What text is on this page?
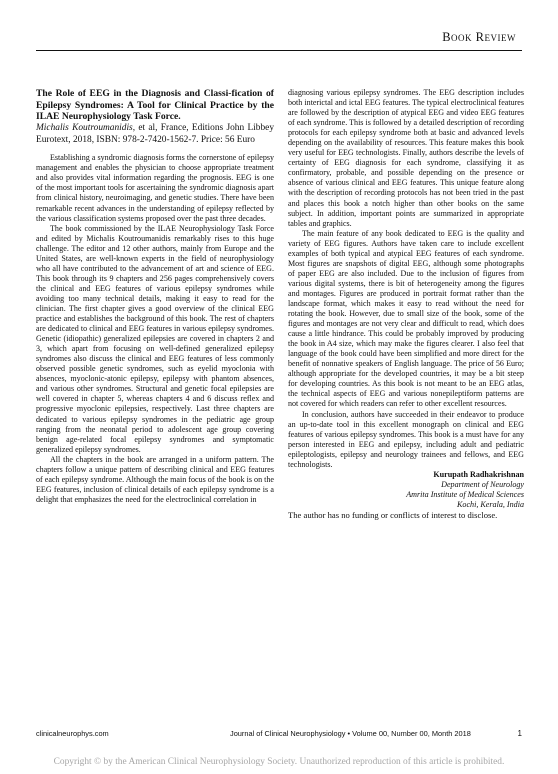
Book Review

The Role of EEG in the Diagnosis and Classi-fication of Epilepsy Syndromes: A Tool for Clinical Practice by the ILAE Neurophysiology Task Force.

Michalis Koutroumanidis, et al, France, Editions John Libbey Eurotext, 2018, ISBN: 978-2-7420-1562-7. Price: 56 Euro

Establishing a syndromic diagnosis forms the cornerstone of epilepsy management and enables the physician to choose appropriate treatment and also provides vital information regarding the prognosis. EEG is one of the most important tools for ascertaining the syndromic diagnosis apart from clinical history, neuroimaging, and genetic studies. There have been remarkable recent advances in the understanding of epilepsy reflected by the various classification systems proposed over the past three decades.

The book commissioned by the ILAE Neurophysiology Task Force and edited by Michalis Koutroumanidis remarkably rises to this huge challenge. The editor and 12 other authors, mainly from Europe and the United States, are well-known experts in the field of neurophysiology who all have contributed to the advancement of art and science of EEG. This book through its 9 chapters and 256 pages comprehensively covers the clinical and EEG features of various epilepsy syndromes while avoiding too many technical details, making it easy to read for the clinician. The first chapter gives a good overview of the clinical EEG practice and establishes the background of this book. The rest of chapters are dedicated to clinical and EEG features in various epilepsy syndromes. Genetic (idiopathic) generalized epilepsies are covered in chapters 2 and 3, which apart from focusing on well-defined generalized epilepsy syndromes also discuss the clinical and EEG features of less commonly observed possible genetic syndromes, such as eyelid myoclonia with absences, myoclonic-atonic epilepsy, epilepsy with phantom absences, and various other syndromes. Structural and genetic focal epilepsies are well covered in chapter 5, whereas chapters 4 and 6 discuss reflex and progressive myoclonic epilepsies, respectively. Last three chapters are dedicated to various epilepsy syndromes in the pediatric age group ranging from the neonatal period to adolescent age group covering benign age-related focal epilepsy syndromes and symptomatic generalized epilepsy syndromes.

All the chapters in the book are arranged in a uniform pattern. The chapters follow a unique pattern of describing clinical and EEG features of each epilepsy syndrome. Although the main focus of the book is on the EEG features, inclusion of clinical details of each epilepsy syndrome is a delight that emphasizes the need for the electroclinical correlation in

diagnosing various epilepsy syndromes. The EEG description includes both interictal and ictal EEG features. The typical electroclinical features are followed by the description of atypical EEG and video EEG features of each syndrome. This is followed by a detailed description of recording protocols for each epilepsy syndrome both at basic and advanced levels depending on the availability of resources. This feature makes this book very useful for EEG technologists. Finally, authors describe the levels of certainty of EEG diagnosis for each syndrome, classifying it as confirmatory, probable, and possible depending on the presence or absence of various clinical and EEG features. This unique feature along with the description of recording protocols has not been tried in the past and places this book a notch higher than other books on the same subject. In addition, important points are summarized in appropriate tables and graphics.

The main feature of any book dedicated to EEG is the quality and variety of EEG figures. Authors have taken care to include excellent examples of both typical and atypical EEG features of each syndrome. Most figures are snapshots of digital EEG, although some photographs of paper EEG are also included. Due to the inclusion of figures from various digital systems, there is bit of heterogeneity among the figures and montages. Figures are produced in portrait format rather than the landscape format, which makes it easy to read without the need for rotating the book. However, due to small size of the book, some of the figures and montages are not very clear and difficult to read, which does cause a little hindrance. This could be probably improved by producing the book in A4 size, which may make the figures clearer. I also feel that language of the book could have been simplified and more direct for the benefit of nonnative speakers of English language. The price of 56 Euro; although appropriate for the developed countries, it may be a bit steep for developing countries. As this book is not meant to be an EEG atlas, the technical aspects of EEG and various nonepileptiform patterns are not covered for which readers can refer to other excellent resources.

In conclusion, authors have succeeded in their endeavor to produce an up-to-date tool in this excellent monograph on clinical and EEG features of various epilepsy syndromes. This book is a must have for any person interested in EEG and epilepsy, including adult and pediatric epileptologists, epilepsy and neurology trainees and fellows, and EEG technologists.

Kurupath Radhakrishnan
Department of Neurology
Amrita Institute of Medical Sciences
Kochi, Kerala, India

The author has no funding or conflicts of interest to disclose.

clinicalneurophys.com	Journal of Clinical Neurophysiology • Volume 00, Number 00, Month 2018	1
Copyright © by the American Clinical Neurophysiology Society. Unauthorized reproduction of this article is prohibited.
